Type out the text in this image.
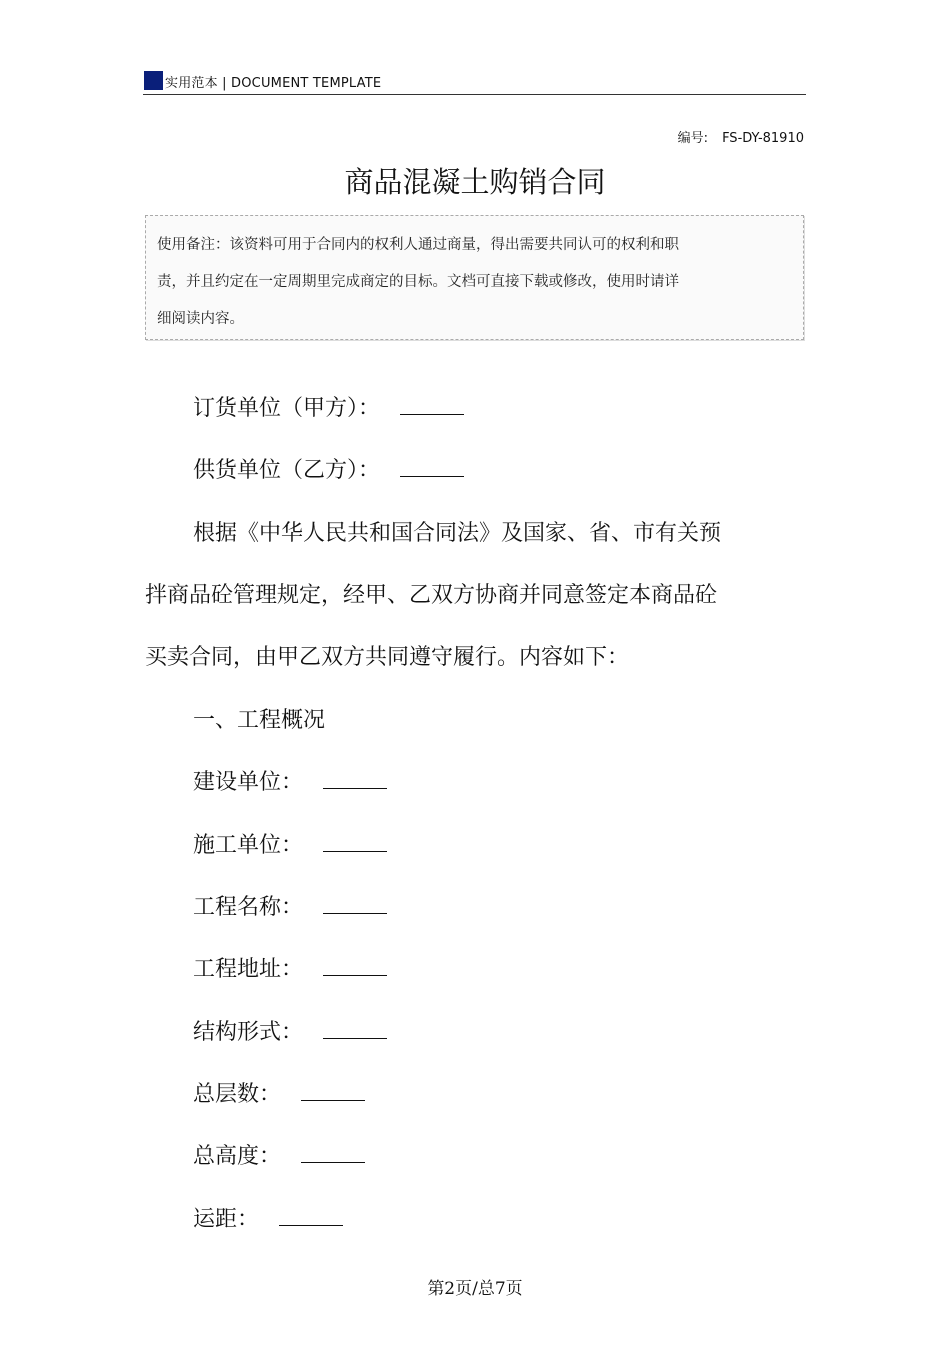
实用范本 | DOCUMENT TEMPLATE
编号: FS-DY-81910
商品混凝土购销合同
使用备注：该资料可用于合同内的权利人通过商量，得出需要共同认可的权利和职
责，并且约定在一定周期里完成商定的目标。文档可直接下载或修改，使用时请详
细阅读内容。
订货单位（甲方）：
供货单位（乙方）：
根据《中华人民共和国合同法》及国家、省、市有关预
拌商品砼管理规定，经甲、乙双方协商并同意签定本商品砼
买卖合同，由甲乙双方共同遵守履行。内容如下：
一、工程概况
建设单位：
施工单位：
工程名称：
工程地址：
结构形式：
总层数：
总高度：
运距：
第2页/总7页
